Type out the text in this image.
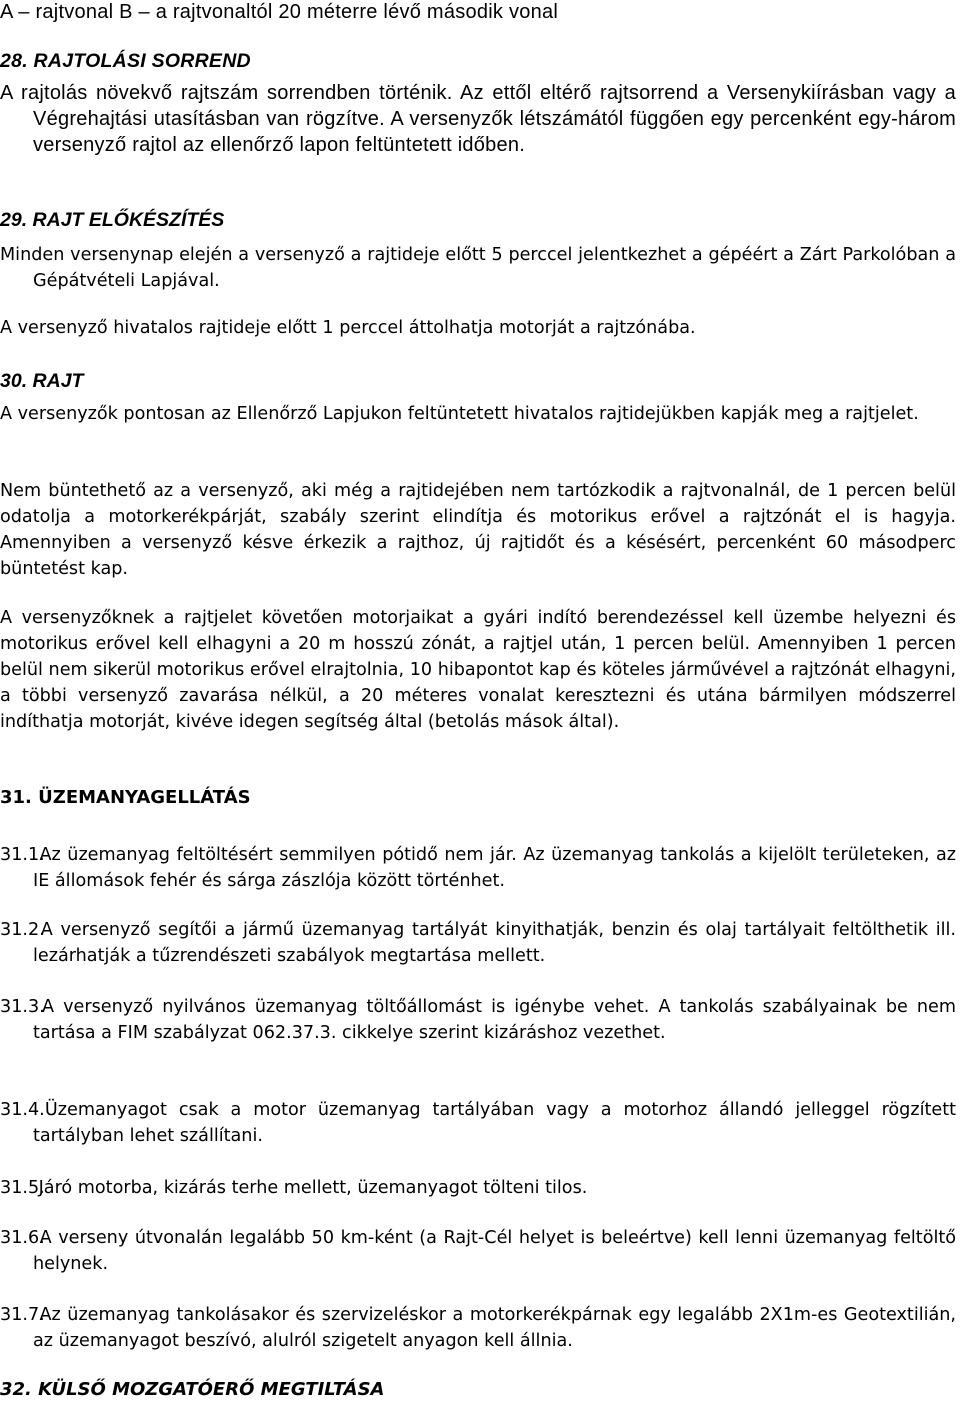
A – rajtvonal B – a rajtvonaltól 20 méterre lévő második vonal

28. RAJTOLÁSI SORREND

A rajtolás növekvő rajtszám sorrendben történik. Az ettől eltérő rajtsorrend a Versenykiírásban vagy a Végrehajtási utasításban van rögzítve. A versenyzők létszámától függően egy percenként egy-három versenyző rajtol az ellenőrző lapon feltüntetett időben.

29. RAJT ELŐKÉSZÍTÉS

Minden versenynap elején a versenyző a rajtideje előtt 5 perccel jelentkezhet a gépéért a Zárt Parkolóban a Gépátvételi Lapjával.

A versenyző hivatalos rajtideje előtt 1 perccel áttolhatja motorját a rajtzónába.

30. RAJT

A versenyzők pontosan az Ellenőrző Lapjukon feltüntetett hivatalos rajtidejükben kapják meg a rajtjelet.

Nem büntethető az a versenyző, aki még a rajtidejében nem tartózkodik a rajtvonalnál, de 1 percen belül odatolja a motorkerékpárját, szabály szerint elindítja és motorikus erővel a rajtzónát el is hagyja. Amennyiben a versenyző késve érkezik a rajthoz, új rajtidőt és a késésért, percenként 60 másodperc büntetést kap.

A versenyzőknek a rajtjelet követően motorjaikat a gyári indító berendezéssel kell üzembe helyezni és motorikus erővel kell elhagyni a 20 m hosszú zónát, a rajtjel után, 1 percen belül. Amennyiben 1 percen belül nem sikerül motorikus erővel elrajtolnia, 10 hibapontot kap és köteles járművével a rajtzónát elhagyni, a többi versenyző zavarása nélkül, a 20 méteres vonalat keresztezni és utána bármilyen módszerrel indíthatja motorját, kivéve idegen segítség által (betolás mások által).

31. ÜZEMANYAGELLÁTÁS

31.1. Az üzemanyag feltöltésért semmilyen pótidő nem jár. Az üzemanyag tankolás a kijelölt területeken, az IE állomások fehér és sárga zászlója között történhet.

31.2. A versenyző segítői a jármű üzemanyag tartályát kinyithatják, benzin és olaj tartályait feltölthetik ill. lezárhatják a tűzrendészeti szabályok megtartása mellett.

31.3. A versenyző nyilvános üzemanyag töltőállomást is igénybe vehet. A tankolás szabályainak be nem tartása a FIM szabályzat 062.37.3. cikkelye szerint kizáráshoz vezethet.

31.4. Üzemanyagot csak a motor üzemanyag tartályában vagy a motorhoz állandó jelleggel rögzített tartályban lehet szállítani.

31.5. Járó motorba, kizárás terhe mellett, üzemanyagot tölteni tilos.

31.6. A verseny útvonalán legalább 50 km-ként (a Rajt-Cél helyet is beleértve) kell lenni üzemanyag feltöltő helynek.

31.7. Az üzemanyag tankolásakor és szervizeléskor a motorkerékpárnak egy legalább 2X1m-es Geotextilián, az üzemanyagot beszívó, alulról szigetelt anyagon kell állnia.

32. KÜLSŐ MOZGATÓERŐ MEGTILTÁSA
